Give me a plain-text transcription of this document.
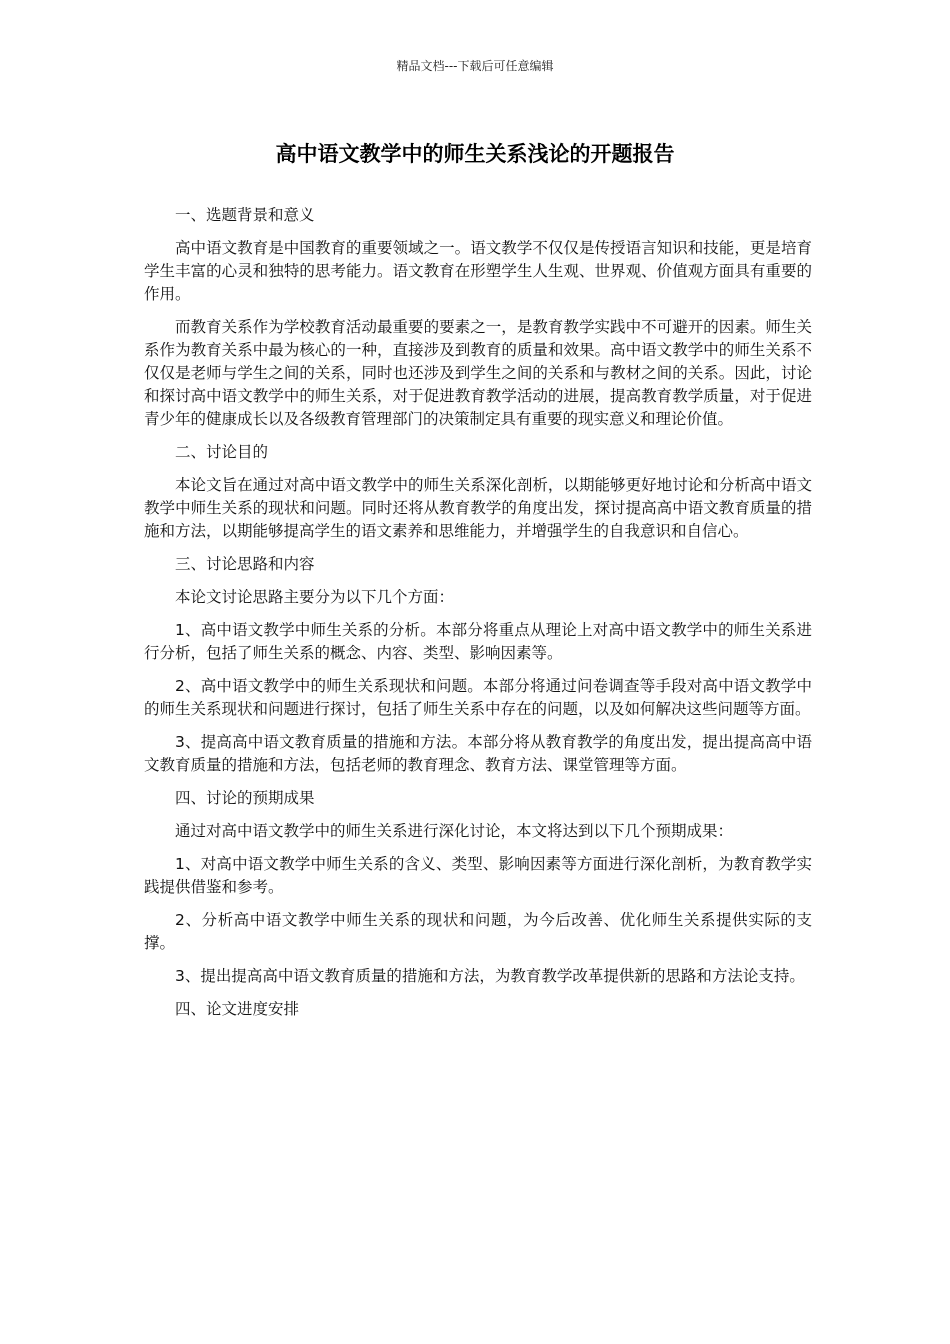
精品文档---下载后可任意编辑
高中语文教学中的师生关系浅论的开题报告
一、选题背景和意义
高中语文教育是中国教育的重要领域之一。语文教学不仅仅是传授语言知识和技能，更是培育学生丰富的心灵和独特的思考能力。语文教育在形塑学生人生观、世界观、价值观方面具有重要的作用。
而教育关系作为学校教育活动最重要的要素之一，是教育教学实践中不可避开的因素。师生关系作为教育关系中最为核心的一种，直接涉及到教育的质量和效果。高中语文教学中的师生关系不仅仅是老师与学生之间的关系，同时也还涉及到学生之间的关系和与教材之间的关系。因此，讨论和探讨高中语文教学中的师生关系，对于促进教育教学活动的进展，提高教育教学质量，对于促进青少年的健康成长以及各级教育管理部门的决策制定具有重要的现实意义和理论价值。
二、讨论目的
本论文旨在通过对高中语文教学中的师生关系深化剖析，以期能够更好地讨论和分析高中语文教学中师生关系的现状和问题。同时还将从教育教学的角度出发，探讨提高高中语文教育质量的措施和方法，以期能够提高学生的语文素养和思维能力，并增强学生的自我意识和自信心。
三、讨论思路和内容
本论文讨论思路主要分为以下几个方面：
1、高中语文教学中师生关系的分析。本部分将重点从理论上对高中语文教学中的师生关系进行分析，包括了师生关系的概念、内容、类型、影响因素等。
2、高中语文教学中的师生关系现状和问题。本部分将通过问卷调查等手段对高中语文教学中的师生关系现状和问题进行探讨，包括了师生关系中存在的问题，以及如何解决这些问题等方面。
3、提高高中语文教育质量的措施和方法。本部分将从教育教学的角度出发，提出提高高中语文教育质量的措施和方法，包括老师的教育理念、教育方法、课堂管理等方面。
四、讨论的预期成果
通过对高中语文教学中的师生关系进行深化讨论，本文将达到以下几个预期成果：
1、对高中语文教学中师生关系的含义、类型、影响因素等方面进行深化剖析，为教育教学实践提供借鉴和参考。
2、分析高中语文教学中师生关系的现状和问题，为今后改善、优化师生关系提供实际的支撑。
3、提出提高高中语文教育质量的措施和方法，为教育教学改革提供新的思路和方法论支持。
四、论文进度安排
